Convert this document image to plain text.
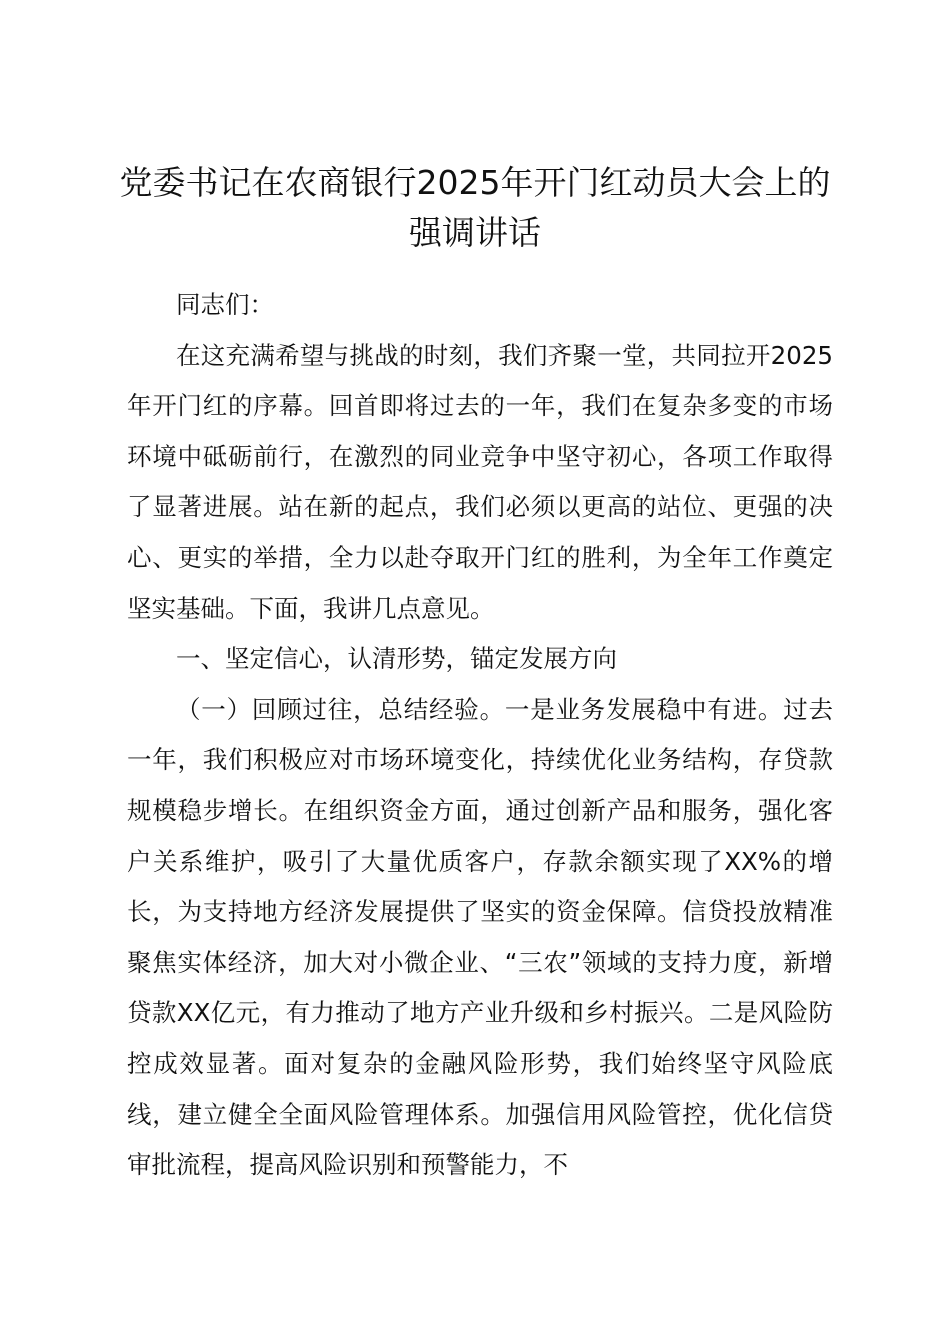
党委书记在农商银行2025年开门红动员大会上的强调讲话

同志们：

在这充满希望与挑战的时刻，我们齐聚一堂，共同拉开2025年开门红的序幕。回首即将过去的一年，我们在复杂多变的市场环境中砥砺前行，在激烈的同业竞争中坚守初心，各项工作取得了显著进展。站在新的起点，我们必须以更高的站位、更强的决心、更实的举措，全力以赴夺取开门红的胜利，为全年工作奠定坚实基础。下面，我讲几点意见。

一、坚定信心，认清形势，锚定发展方向

（一）回顾过往，总结经验。一是业务发展稳中有进。过去一年，我们积极应对市场环境变化，持续优化业务结构，存贷款规模稳步增长。在组织资金方面，通过创新产品和服务，强化客户关系维护，吸引了大量优质客户，存款余额实现了XX%的增长，为支持地方经济发展提供了坚实的资金保障。信贷投放精准聚焦实体经济，加大对小微企业、“三农”领域的支持力度，新增贷款XX亿元，有力推动了地方产业升级和乡村振兴。二是风险防控成效显著。面对复杂的金融风险形势，我们始终坚守风险底线，建立健全全面风险管理体系。加强信用风险管控，优化信贷审批流程，提高风险识别和预警能力，不
